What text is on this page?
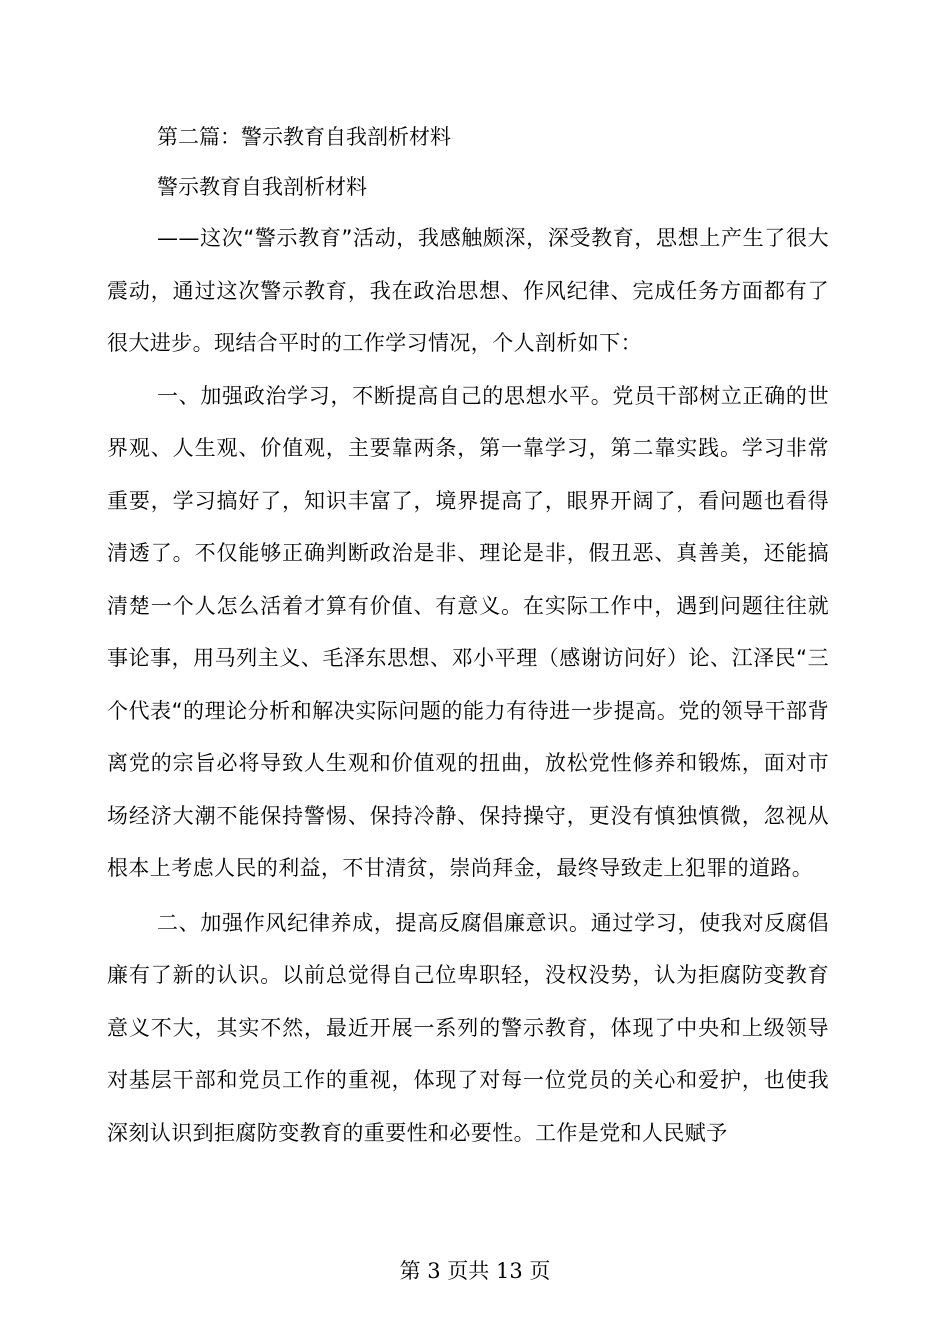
第二篇：警示教育自我剖析材料
警示教育自我剖析材料

——这次“警示教育”活动，我感触颇深，深受教育，思想上产生了很大震动，通过这次警示教育，我在政治思想、作风纪律、完成任务方面都有了很大进步。现结合平时的工作学习情况，个人剖析如下：

一、加强政治学习，不断提高自己的思想水平。党员干部树立正确的世界观、人生观、价值观，主要靠两条，第一靠学习，第二靠实践。学习非常重要，学习搞好了，知识丰富了，境界提高了，眼界开阔了，看问题也看得清透了。不仅能够正确判断政治是非、理论是非，假丑恶、真善美，还能搞清楚一个人怎么活着才算有价值、有意义。在实际工作中，遇到问题往往就事论事，用马列主义、毛泽东思想、邓小平理（感谢访问好）论、江泽民“三个代表“的理论分析和解决实际问题的能力有待进一步提高。党的领导干部背离党的宗旨必将导致人生观和价值观的扭曲，放松党性修养和锻炼，面对市场经济大潮不能保持警惕、保持冷静、保持操守，更没有慎独慎微，忽视从根本上考虑人民的利益，不甘清贫，崇尚拜金，最终导致走上犯罪的道路。

二、加强作风纪律养成，提高反腐倡廉意识。通过学习，使我对反腐倡廉有了新的认识。以前总觉得自己位卑职轻，没权没势，认为拒腐防变教育意义不大，其实不然，最近开展一系列的警示教育，体现了中央和上级领导对基层干部和党员工作的重视，体现了对每一位党员的关心和爱护，也使我深刻认识到拒腐防变教育的重要性和必要性。工作是党和人民赋予

第 3 页共 13 页
